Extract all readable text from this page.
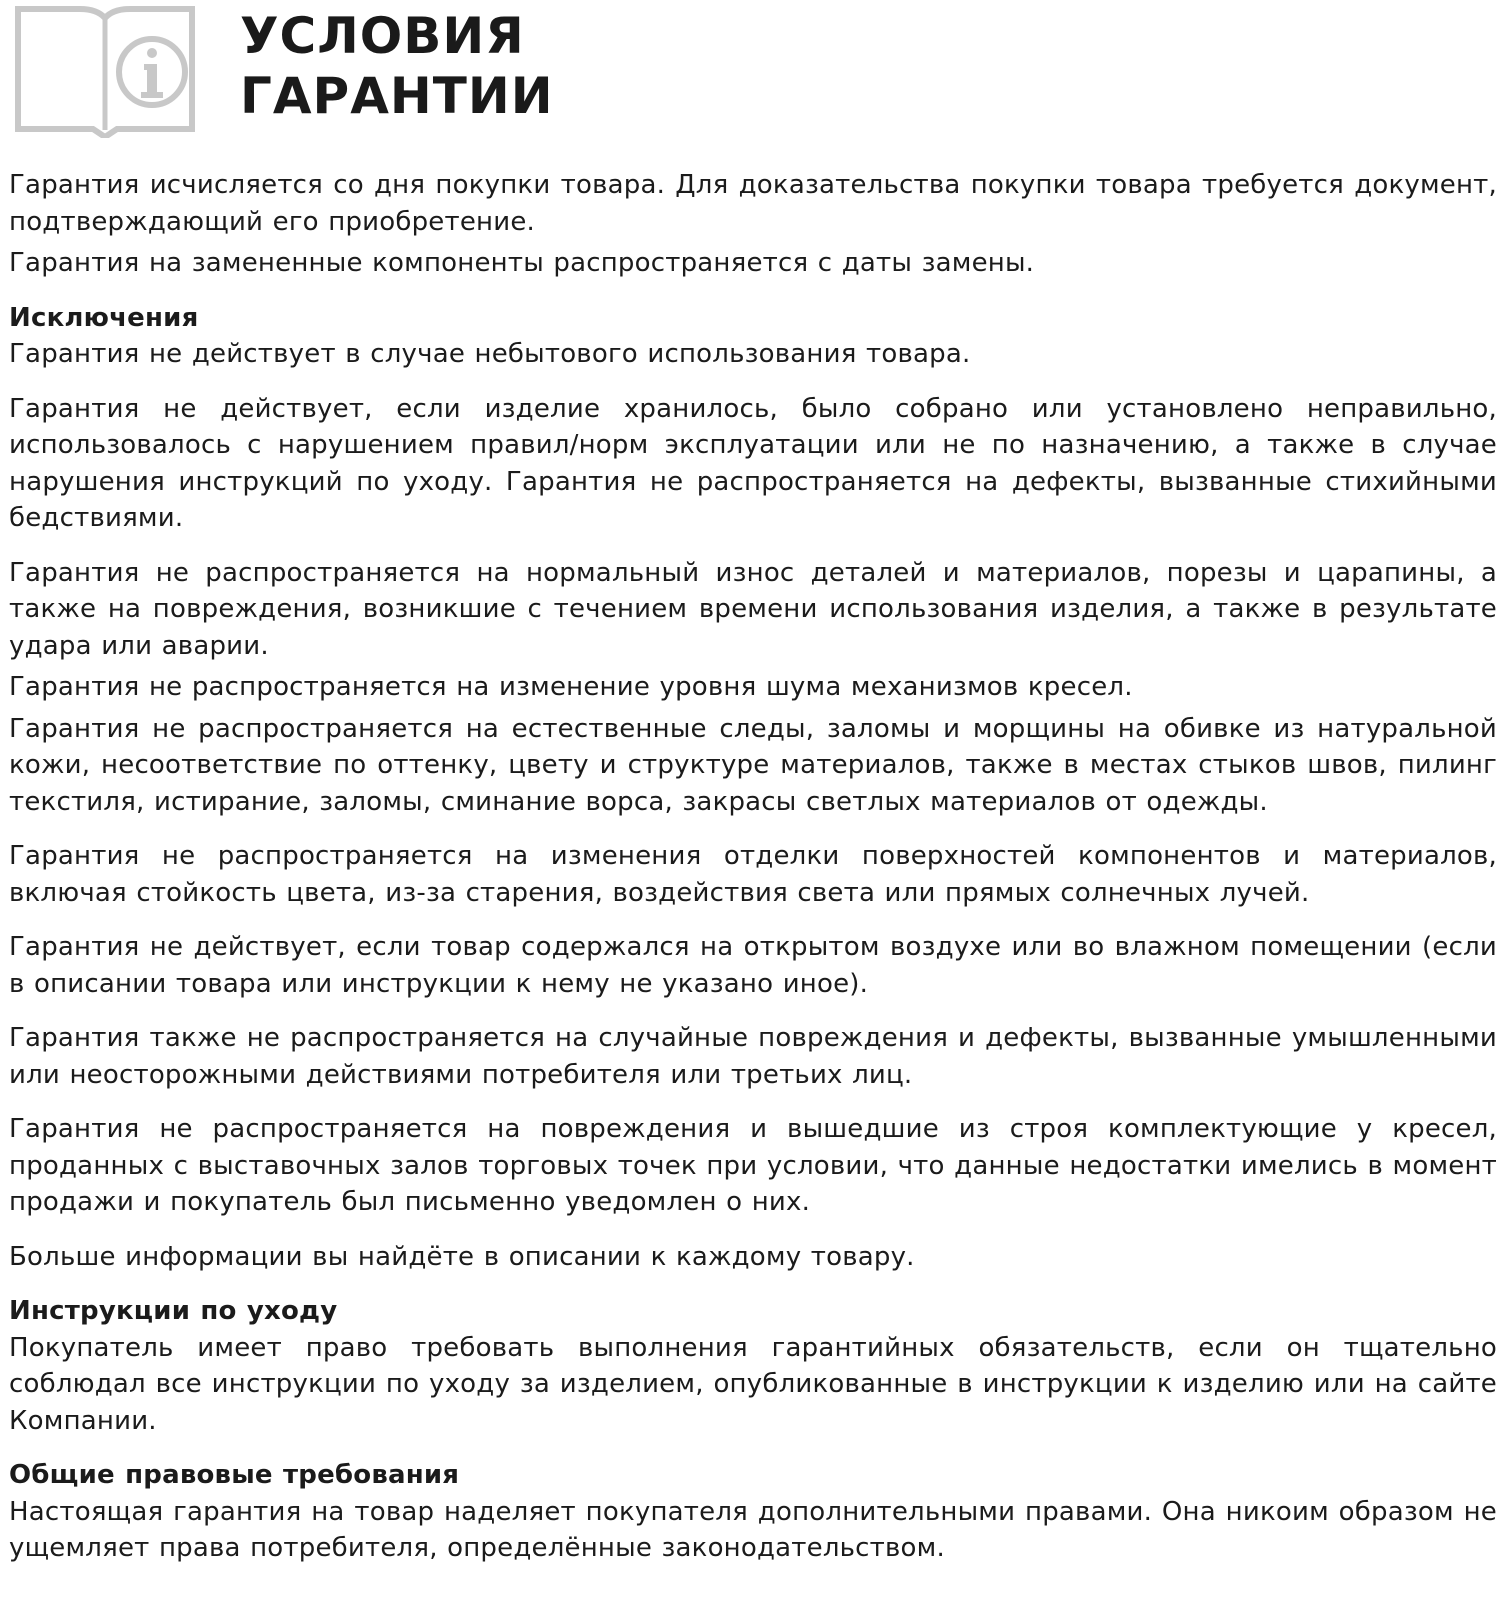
УСЛОВИЯ
ГАРАНТИИ

Гарантия исчисляется со дня покупки товара. Для доказательства покупки товара требуется документ, подтверждающий его приобретение.

Гарантия на замененные компоненты распространяется с даты замены.

Исключения

Гарантия не действует в случае небытового использования товара.

Гарантия не действует, если изделие хранилось, было собрано или установлено неправильно, использовалось с нарушением правил/норм эксплуатации или не по назначению, а также в случае нарушения инструкций по уходу. Гарантия не распространяется на дефекты, вызванные стихийными бедствиями.

Гарантия не распространяется на нормальный износ деталей и материалов, порезы и царапины, а также на повреждения, возникшие с течением времени использования изделия, а также в результате удара или аварии.

Гарантия не распространяется на изменение уровня шума механизмов кресел.

Гарантия не распространяется на естественные следы, заломы и морщины на обивке из натуральной кожи, несоответствие по оттенку, цвету и структуре материалов, также в местах стыков швов, пилинг текстиля, истирание, заломы, сминание ворса, закрасы светлых материалов от одежды.

Гарантия не распространяется на изменения отделки поверхностей компонентов и материалов, включая стойкость цвета, из-за старения, воздействия света или прямых солнечных лучей.

Гарантия не действует, если товар содержался на открытом воздухе или во влажном помещении (если в описании товара или инструкции к нему не указано иное).

Гарантия также не распространяется на случайные повреждения и дефекты, вызванные умышленными или неосторожными действиями потребителя или третьих лиц.

Гарантия не распространяется на повреждения и вышедшие из строя комплектующие у кресел, проданных с выставочных залов торговых точек при условии, что данные недостатки имелись в момент продажи и покупатель был письменно уведомлен о них.

Больше информации вы найдёте в описании к каждому товару.

Инструкции по уходу

Покупатель имеет право требовать выполнения гарантийных обязательств, если он тщательно соблюдал все инструкции по уходу за изделием, опубликованные в инструкции к изделию или на сайте Компании.

Общие правовые требования

Настоящая гарантия на товар наделяет покупателя дополнительными правами. Она никоим образом не ущемляет права потребителя, определённые законодательством.
